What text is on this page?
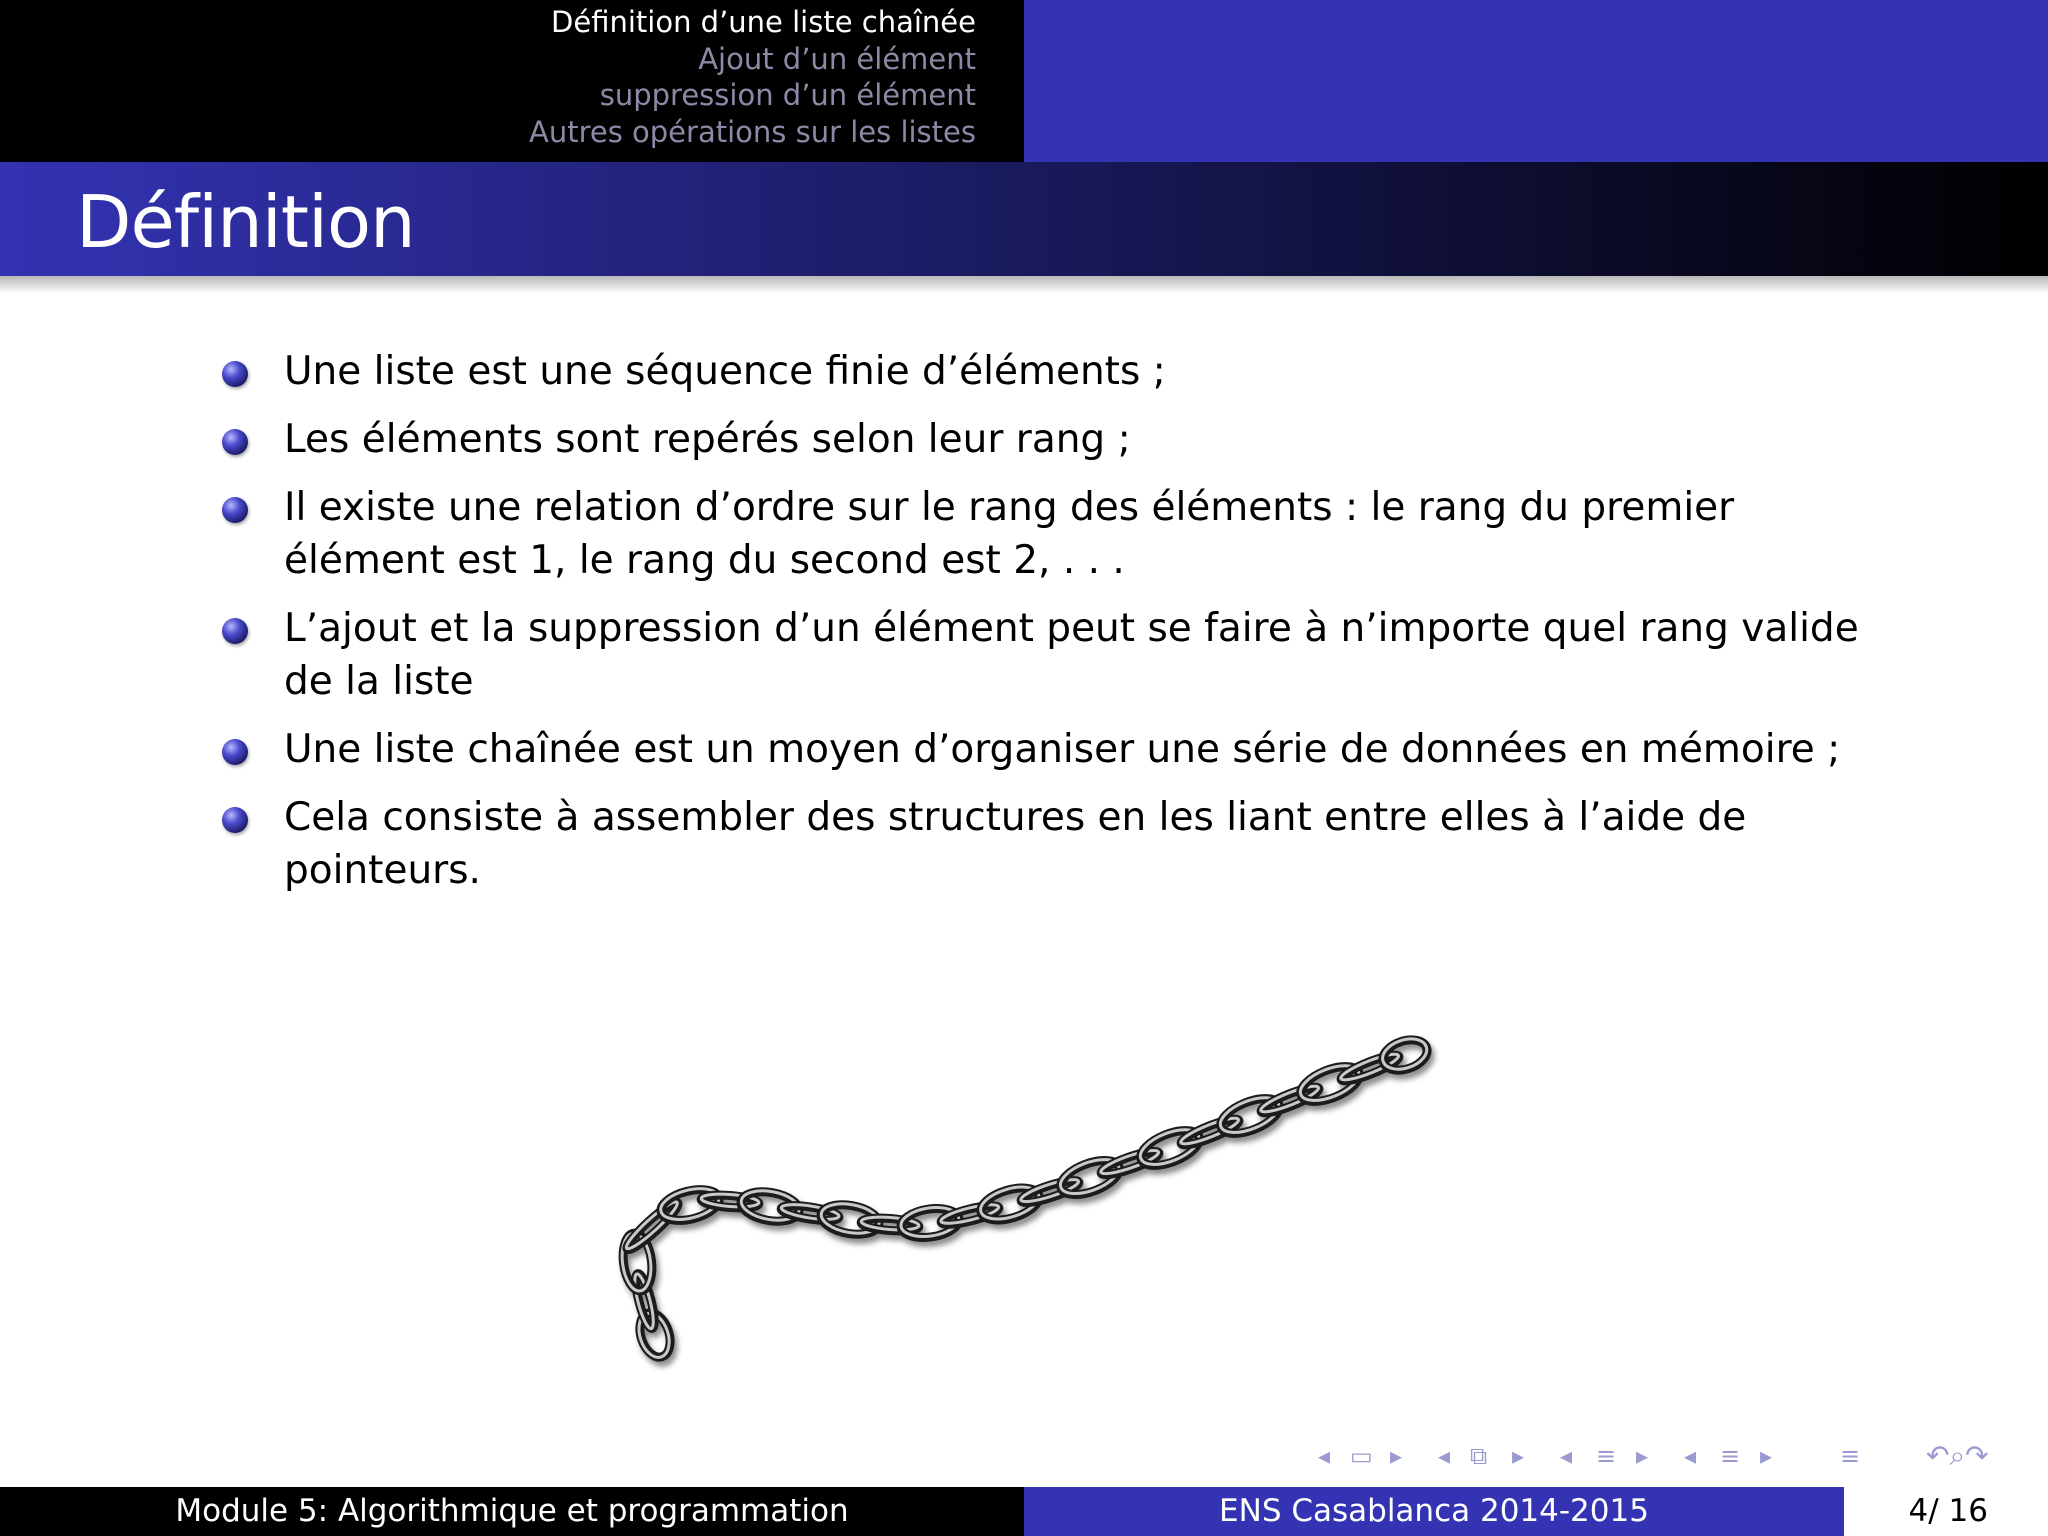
Définition d’une liste chaînée
Ajout d’un élément
suppression d’un élément
Autres opérations sur les listes
Définition
Une liste est une séquence finie d’éléments ;
Les éléments sont repérés selon leur rang ;
Il existe une relation d’ordre sur le rang des éléments : le rang du premier élément est 1, le rang du second est 2, . . .
L’ajout et la suppression d’un élément peut se faire à n’importe quel rang valide de la liste
Une liste chaînée est un moyen d’organiser une série de données en mémoire ;
Cela consiste à assembler des structures en les liant entre elles à l’aide de pointeurs.
◂ ▭ ▸ ◂ ⧉ ▸ ◂ ≡ ▸ ◂ ≡ ▸	≡ ↶⌕↷
Module 5: Algorithmique et programmation	ENS Casablanca 2014-2015	4/ 16
